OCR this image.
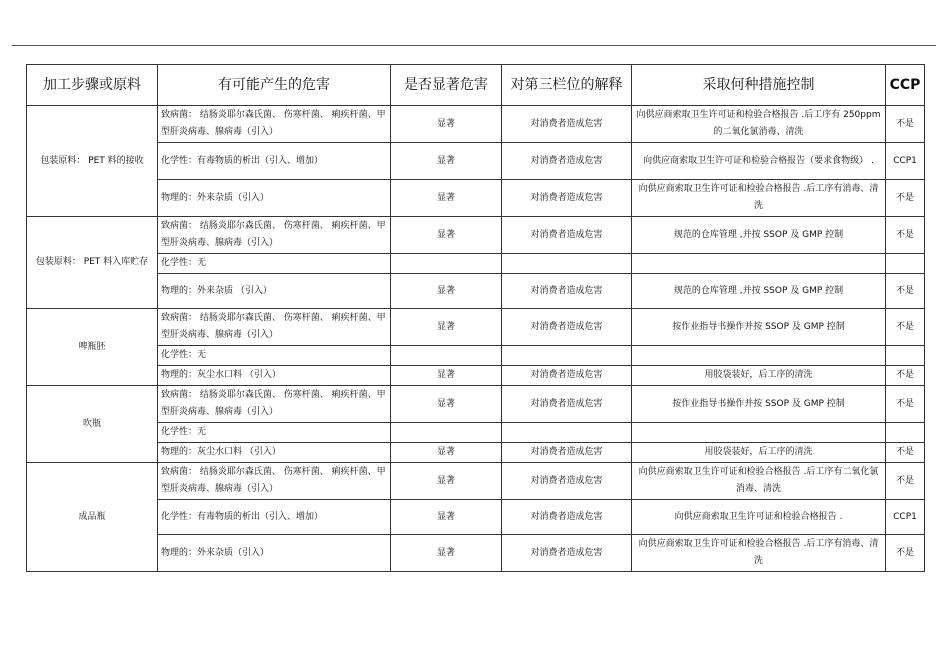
加工步骤或原料	有可能产生的危害	是否显著危害	对第三栏位的解释	采取何种措施控制	CCP
包装原料： PET 料的接收	致病菌： 结肠炎耶尔森氏菌、 伤寒杆菌、 痢疾杆菌、甲型肝炎病毒、腺病毒（引入）	显著	对消费者造成危害	向供应商索取卫生许可证和检验合格报告 .后工序有 250ppm 的二氧化氯消毒、清洗	不是
	化学性：有毒物质的析出（引入、增加）	显著	对消费者造成危害	向供应商索取卫生许可证和检验合格报告（要求食物级） .	CCP1
	物理的：外来杂质（引入）	显著	对消费者造成危害	向供应商索取卫生许可证和检验合格报告 .后工序有消毒、清洗	不是
包装原料： PET 料入库贮存	致病菌： 结肠炎耶尔森氏菌、 伤寒杆菌、 痢疾杆菌、甲型肝炎病毒、腺病毒（引入）	显著	对消费者造成危害	规范的仓库管理 ,并按 SSOP 及 GMP 控制	不是
	化学性：无				
	物理的：外来杂质 （引入）	显著	对消费者造成危害	规范的仓库管理 ,并按 SSOP 及 GMP 控制	不是
啤瓶胚	致病菌： 结肠炎耶尔森氏菌、 伤寒杆菌、 痢疾杆菌、甲型肝炎病毒、腺病毒（引入）	显著	对消费者造成危害	按作业指导书操作并按 SSOP 及 GMP 控制	不是
	化学性：无				
	物理的：灰尘水口料 （引入）	显著	对消费者造成危害	用胶袋装好，后工序的清洗	不是
吹瓶	致病菌： 结肠炎耶尔森氏菌、 伤寒杆菌、 痢疾杆菌、甲型肝炎病毒、腺病毒（引入）	显著	对消费者造成危害	按作业指导书操作并按 SSOP 及 GMP 控制	不是
	化学性：无				
	物理的：灰尘水口料 （引入）	显著	对消费者造成危害	用胶袋装好，后工序的清洗	不是
成品瓶	致病菌： 结肠炎耶尔森氏菌、 伤寒杆菌、 痢疾杆菌、甲型肝炎病毒、腺病毒（引入）	显著	对消费者造成危害	向供应商索取卫生许可证和检验合格报告 .后工序有二氧化氯消毒、清洗	不是
	化学性：有毒物质的析出（引入、增加）	显著	对消费者造成危害	向供应商索取卫生许可证和检验合格报告 .	CCP1
	物理的：外来杂质（引入）	显著	对消费者造成危害	向供应商索取卫生许可证和检验合格报告 .后工序有消毒、清洗	不是
